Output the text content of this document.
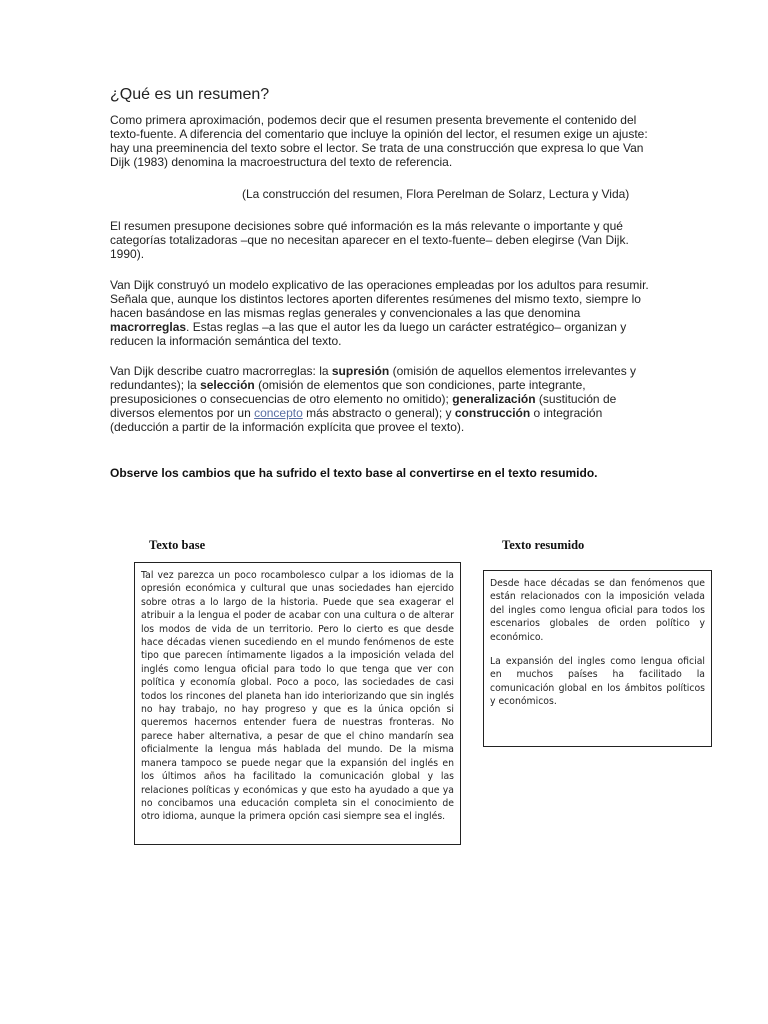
¿Qué es un resumen?

Como primera aproximación, podemos decir que el resumen presenta brevemente el contenido del texto-fuente. A diferencia del comentario que incluye la opinión del lector, el resumen exige un ajuste: hay una preeminencia del texto sobre el lector. Se trata de una construcción que expresa lo que Van Dijk (1983) denomina la macroestructura del texto de referencia.

(La construcción del resumen, Flora Perelman de Solarz, Lectura y Vida)

El resumen presupone decisiones sobre qué información es la más relevante o importante y qué categorías totalizadoras –que no necesitan aparecer en el texto-fuente– deben elegirse (Van Dijk. 1990).

Van Dijk construyó un modelo explicativo de las operaciones empleadas por los adultos para resumir. Señala que, aunque los distintos lectores aporten diferentes resúmenes del mismo texto, siempre lo hacen basándose en las mismas reglas generales y convencionales a las que denomina macrorreglas. Estas reglas –a las que el autor les da luego un carácter estratégico– organizan y reducen la información semántica del texto.

Van Dijk describe cuatro macrorreglas: la supresión (omisión de aquellos elementos irrelevantes y redundantes); la selección (omisión de elementos que son condiciones, parte integrante, presuposiciones o consecuencias de otro elemento no omitido); generalización (sustitución de diversos elementos por un concepto más abstracto o general); y construcción o integración (deducción a partir de la información explícita que provee el texto).

Observe los cambios que ha sufrido el texto base al convertirse en el texto resumido.
Texto base	Texto resumido

Tal vez parezca un poco rocambolesco culpar a los idiomas de la opresión económica y cultural que unas sociedades han ejercido sobre otras a lo largo de la historia. Puede que sea exagerar el atribuir a la lengua el poder de acabar con una cultura o de alterar los modos de vida de un territorio. Pero lo cierto es que desde hace décadas vienen sucediendo en el mundo fenómenos de este tipo que parecen íntimamente ligados a la imposición velada del inglés como lengua oficial para todo lo que tenga que ver con política y economía global. Poco a poco, las sociedades de casi todos los rincones del planeta han ido interiorizando que sin inglés no hay trabajo, no hay progreso y que es la única opción si queremos hacernos entender fuera de nuestras fronteras. No parece haber alternativa, a pesar de que el chino mandarín sea oficialmente la lengua más hablada del mundo. De la misma manera tampoco se puede negar que la expansión del inglés en los últimos años ha facilitado la comunicación global y las relaciones políticas y económicas y que esto ha ayudado a que ya no concibamos una educación completa sin el conocimiento de otro idioma, aunque la primera opción casi siempre sea el inglés.

Desde hace décadas se dan fenómenos que están relacionados con la imposición velada del ingles como lengua oficial para todos los escenarios globales de orden político y económico.

La expansión del ingles como lengua oficial en muchos países ha facilitado la comunicación global en los ámbitos políticos y económicos.
